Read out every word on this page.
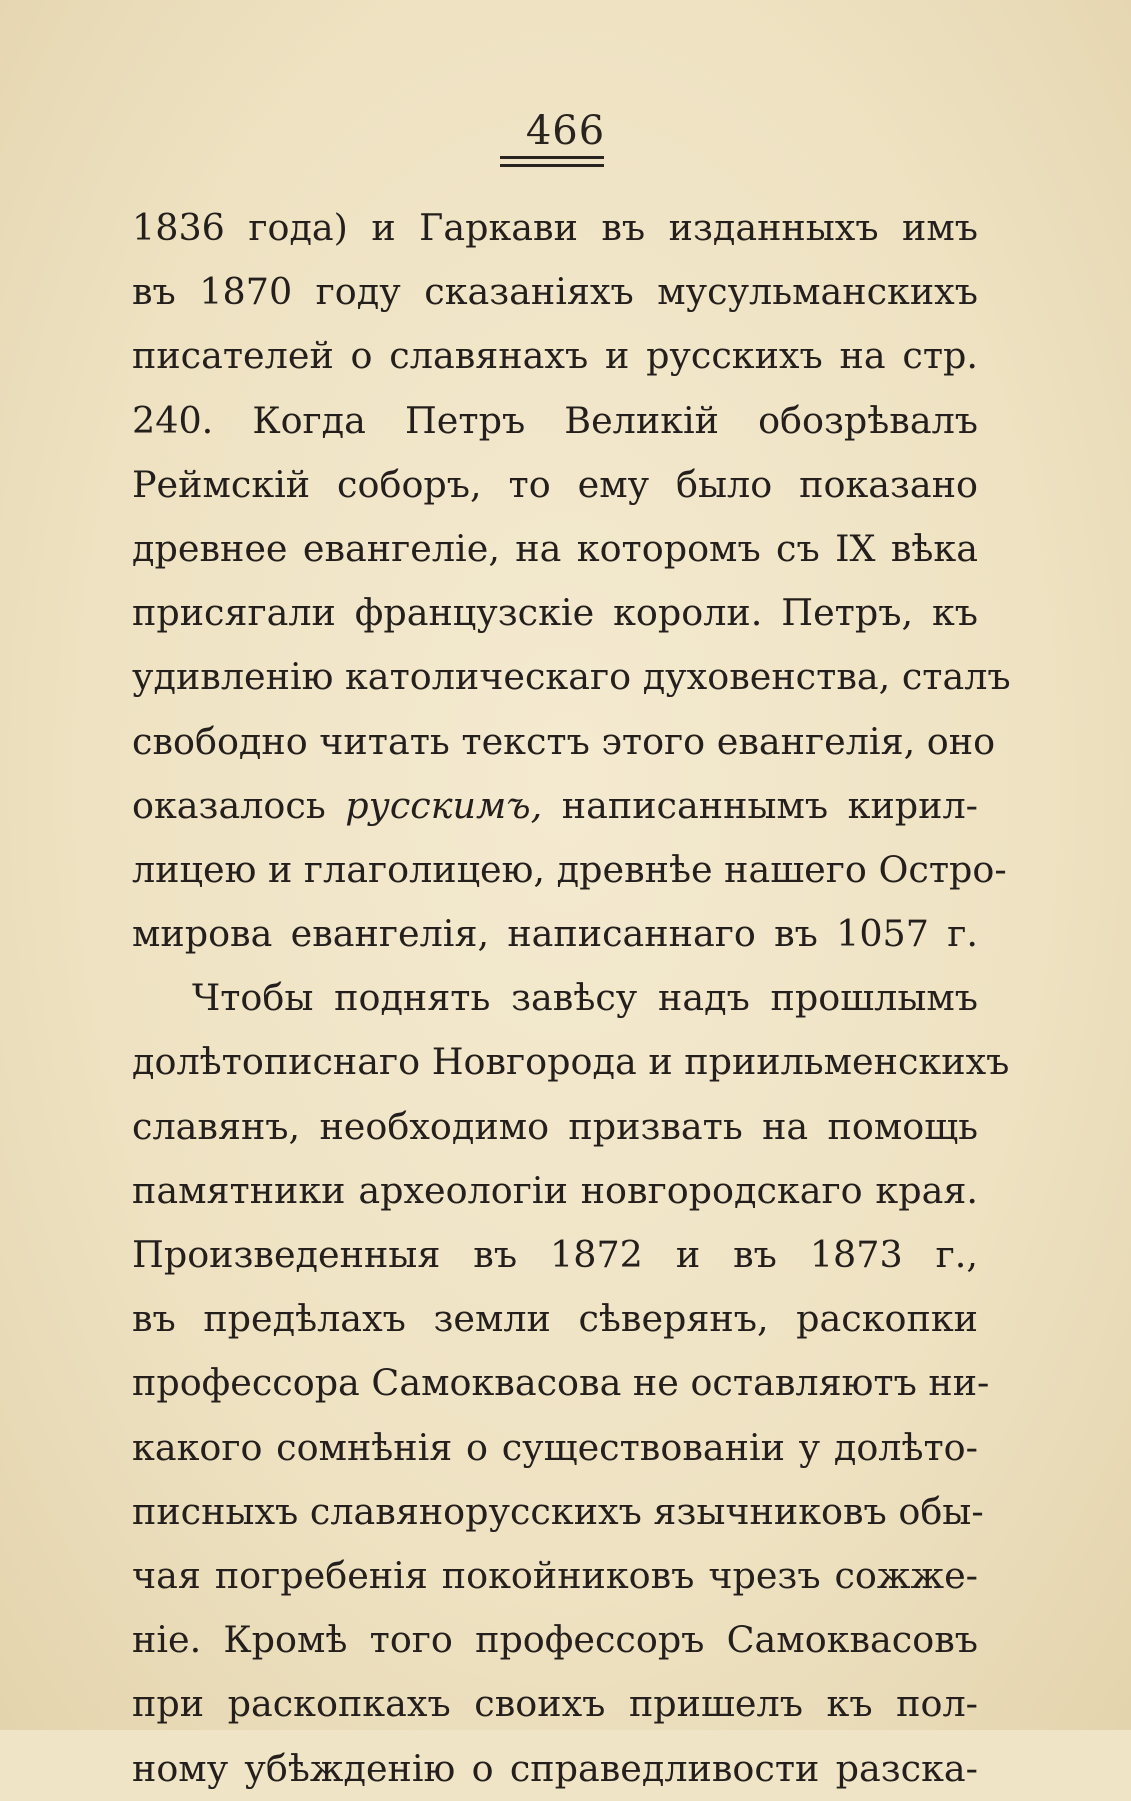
466
1836 года) и Гаркави въ изданныхъ имъ
въ 1870 году сказаніяхъ мусульманскихъ
писателей о славянахъ и русскихъ на стр.
240. Когда Петръ Великій обозрѣвалъ
Реймскій соборъ, то ему было показано
древнее евангеліе, на которомъ съ IX вѣка
присягали французскіе короли. Петръ, къ
удивленію католическаго духовенства, сталъ
свободно читать текстъ этого евангелія, оно
оказалось русскимъ, написаннымъ кирил-
лицею и глаголицею, древнѣе нашего Остро-
мирова евангелія, написаннаго въ 1057 г.
Чтобы поднять завѣсу надъ прошлымъ
долѣтописнаго Новгорода и приильменскихъ
славянъ, необходимо призвать на помощь
памятники археологіи новгородскаго края.
Произведенныя въ 1872 и въ 1873 г.,
въ предѣлахъ земли сѣверянъ, раскопки
профессора Самоквасова не оставляютъ ни-
какого сомнѣнія о существованіи у долѣто-
писныхъ славянорусскихъ язычниковъ обы-
чая погребенія покойниковъ чрезъ сожже-
ніе. Кромѣ того профессоръ Самоквасовъ
при раскопкахъ своихъ пришелъ къ пол-
ному убѣжденію о справедливости разска-
